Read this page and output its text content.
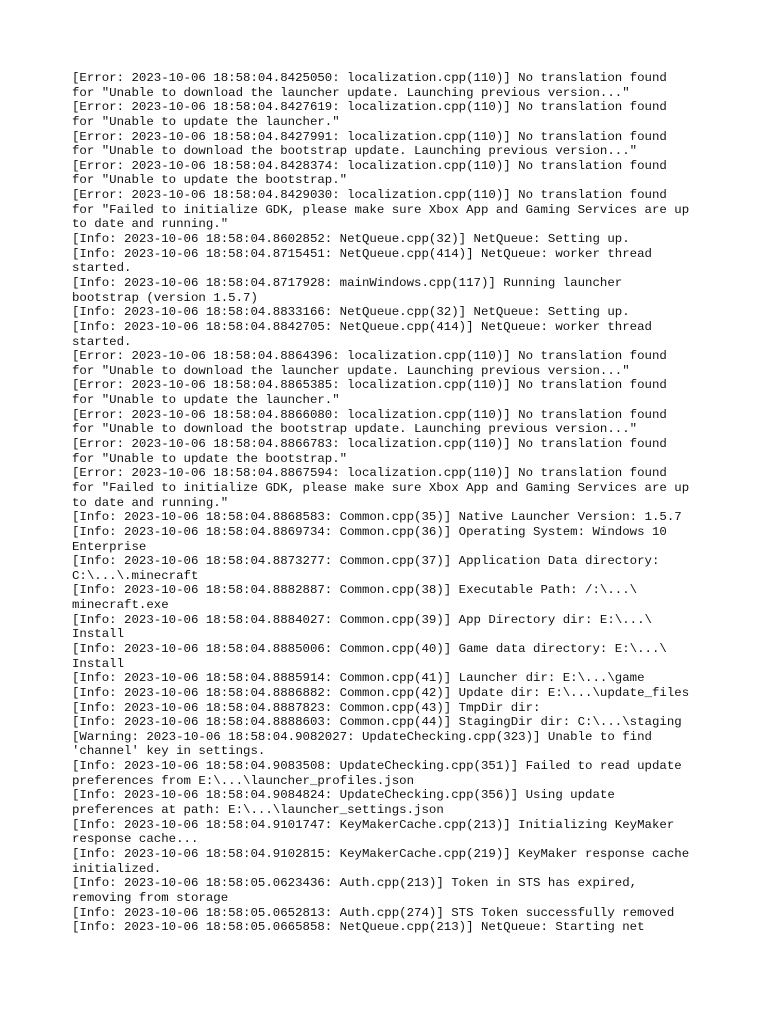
[Error: 2023-10-06 18:58:04.8425050: localization.cpp(110)] No translation found
for "Unable to download the launcher update. Launching previous version..."
[Error: 2023-10-06 18:58:04.8427619: localization.cpp(110)] No translation found
for "Unable to update the launcher."
[Error: 2023-10-06 18:58:04.8427991: localization.cpp(110)] No translation found
for "Unable to download the bootstrap update. Launching previous version..."
[Error: 2023-10-06 18:58:04.8428374: localization.cpp(110)] No translation found
for "Unable to update the bootstrap."
[Error: 2023-10-06 18:58:04.8429030: localization.cpp(110)] No translation found
for "Failed to initialize GDK, please make sure Xbox App and Gaming Services are up
to date and running."
[Info: 2023-10-06 18:58:04.8602852: NetQueue.cpp(32)] NetQueue: Setting up.
[Info: 2023-10-06 18:58:04.8715451: NetQueue.cpp(414)] NetQueue: worker thread
started.
[Info: 2023-10-06 18:58:04.8717928: mainWindows.cpp(117)] Running launcher
bootstrap (version 1.5.7)
[Info: 2023-10-06 18:58:04.8833166: NetQueue.cpp(32)] NetQueue: Setting up.
[Info: 2023-10-06 18:58:04.8842705: NetQueue.cpp(414)] NetQueue: worker thread
started.
[Error: 2023-10-06 18:58:04.8864396: localization.cpp(110)] No translation found
for "Unable to download the launcher update. Launching previous version..."
[Error: 2023-10-06 18:58:04.8865385: localization.cpp(110)] No translation found
for "Unable to update the launcher."
[Error: 2023-10-06 18:58:04.8866080: localization.cpp(110)] No translation found
for "Unable to download the bootstrap update. Launching previous version..."
[Error: 2023-10-06 18:58:04.8866783: localization.cpp(110)] No translation found
for "Unable to update the bootstrap."
[Error: 2023-10-06 18:58:04.8867594: localization.cpp(110)] No translation found
for "Failed to initialize GDK, please make sure Xbox App and Gaming Services are up
to date and running."
[Info: 2023-10-06 18:58:04.8868583: Common.cpp(35)] Native Launcher Version: 1.5.7
[Info: 2023-10-06 18:58:04.8869734: Common.cpp(36)] Operating System: Windows 10
Enterprise
[Info: 2023-10-06 18:58:04.8873277: Common.cpp(37)] Application Data directory:
C:\...\.minecraft
[Info: 2023-10-06 18:58:04.8882887: Common.cpp(38)] Executable Path: /:\...\
minecraft.exe
[Info: 2023-10-06 18:58:04.8884027: Common.cpp(39)] App Directory dir: E:\...\
Install
[Info: 2023-10-06 18:58:04.8885006: Common.cpp(40)] Game data directory: E:\...\
Install
[Info: 2023-10-06 18:58:04.8885914: Common.cpp(41)] Launcher dir: E:\...\game
[Info: 2023-10-06 18:58:04.8886882: Common.cpp(42)] Update dir: E:\...\update_files
[Info: 2023-10-06 18:58:04.8887823: Common.cpp(43)] TmpDir dir:
[Info: 2023-10-06 18:58:04.8888603: Common.cpp(44)] StagingDir dir: C:\...\staging
[Warning: 2023-10-06 18:58:04.9082027: UpdateChecking.cpp(323)] Unable to find
'channel' key in settings.
[Info: 2023-10-06 18:58:04.9083508: UpdateChecking.cpp(351)] Failed to read update
preferences from E:\...\launcher_profiles.json
[Info: 2023-10-06 18:58:04.9084824: UpdateChecking.cpp(356)] Using update
preferences at path: E:\...\launcher_settings.json
[Info: 2023-10-06 18:58:04.9101747: KeyMakerCache.cpp(213)] Initializing KeyMaker
response cache...
[Info: 2023-10-06 18:58:04.9102815: KeyMakerCache.cpp(219)] KeyMaker response cache
initialized.
[Info: 2023-10-06 18:58:05.0623436: Auth.cpp(213)] Token in STS has expired,
removing from storage
[Info: 2023-10-06 18:58:05.0652813: Auth.cpp(274)] STS Token successfully removed
[Info: 2023-10-06 18:58:05.0665858: NetQueue.cpp(213)] NetQueue: Starting net
